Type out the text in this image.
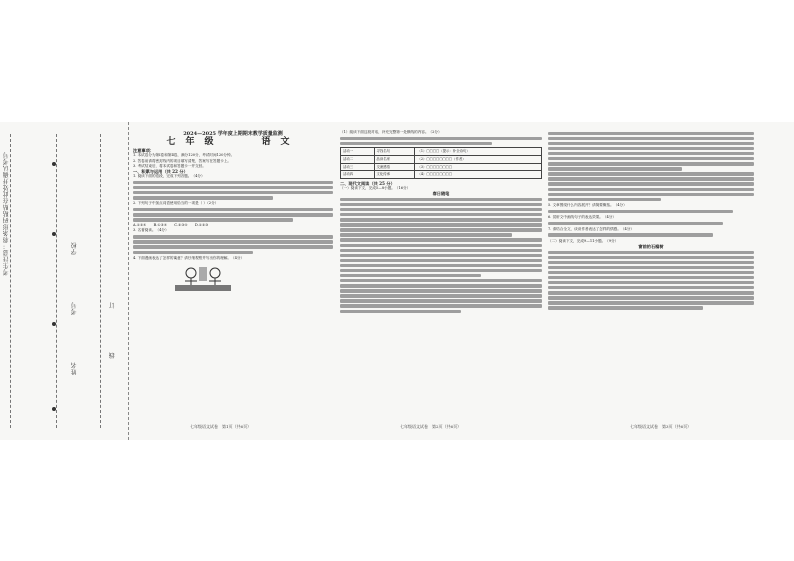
考生注意：将条形码粘贴在此处并确认考号
姓名
考号
学校
订
线

2024—2025 学年度上期期末教学质量监测

七年级　　语文

注意事项：

1. 本试卷分为第Ⅰ卷和第Ⅱ卷，满分120分，考试时间120分钟。

2. 答卷前请将密封线内的项目填写清楚，答案写在答题卡上。

3. 考试结束后，将本试卷和答题卡一并交回。

一、积累与运用（共 22 分）

1. 阅读下面的语段，完成下列各题。（4分）

2. 下列句子中加点词语使用恰当的一项是（ ）（2分）

A.①②④　　B.①③④　　C.②③④　　D.①②③

3. 名著阅读。（4分）

4. 下面漫画表达了怎样的寓意？请仔细观察并写出你的理解。（4分）

七年级语文试卷　第1页（共6页）

（1）阅读下面这段对话，补充完整第一处横线的内容。（2分）

活动一	寻找名句	（1）□□□□（提示：补全诗句）
活动二	品读名家	（2）□□□□□□□□（作者）
活动三	交流感悟	（3）□□□□□□□□
活动四	文化传承	（4）□□□□□□□□

二、现代文阅读（共 25 分）

（一）阅读下文，完成5—8小题。（16分）

春日随笔

七年级语文试卷　第2页（共6页）

5. 文章围绕什么内容展开？请简要概括。（4分）

6. 赏析文中画线句子的表达效果。（4分）

7. 请结合全文，谈谈作者表达了怎样的情感。（4分）

（二）阅读下文，完成9—11小题。（9分）

窗前的石榴树

七年级语文试卷　第3页（共6页）
